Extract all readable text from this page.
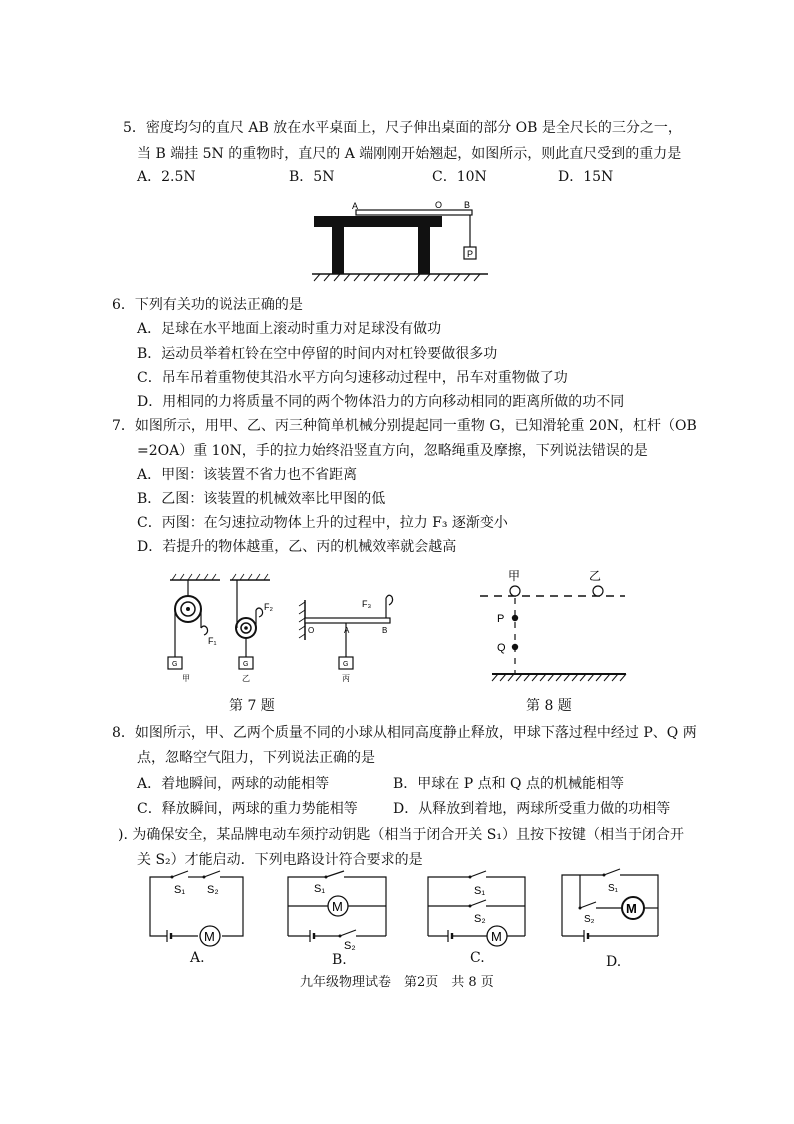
5．密度均匀的直尺 AB 放在水平桌面上，尺子伸出桌面的部分 OB 是全尺长的三分之一，
当 B 端挂 5N 的重物时，直尺的 A 端刚刚开始翘起，如图所示，则此直尺受到的重力是
A．2.5N	B．5N	C．10N	D．15N
A	O B
P
6．下列有关功的说法正确的是
A．足球在水平地面上滚动时重力对足球没有做功
B．运动员举着杠铃在空中停留的时间内对杠铃要做很多功
C．吊车吊着重物使其沿水平方向匀速移动过程中，吊车对重物做了功
D．用相同的力将质量不同的两个物体沿力的方向移动相同的距离所做的功不同
7．如图所示，用甲、乙、丙三种简单机械分别提起同一重物 G，已知滑轮重 20N，杠杆（OB
=2OA）重 10N，手的拉力始终沿竖直方向，忽略绳重及摩擦，下列说法错误的是
A．甲图：该装置不省力也不省距离
B．乙图：该装置的机械效率比甲图的低
C．丙图：在匀速拉动物体上升的过程中，拉力 F₃ 逐渐变小
D．若提升的物体越重，乙、丙的机械效率就会越高
G
F₁
甲
G
F₂
乙
G
O	A	B
F₃
丙
第 7 题
甲	乙
P
Q
第 8 题
8．如图所示，甲、乙两个质量不同的小球从相同高度静止释放，甲球下落过程中经过 P、Q 两
点，忽略空气阻力，下列说法正确的是
A．着地瞬间，两球的动能相等	B．甲球在 P 点和 Q 点的机械能相等
C．释放瞬间，两球的重力势能相等	D．从释放到着地，两球所受重力做的功相等
). 为确保安全，某品牌电动车须拧动钥匙（相当于闭合开关 S₁）且按下按键（相当于闭合开
关 S₂）才能启动．下列电路设计符合要求的是
M
S₁ S₂
A.
M
S₁
S₂
B.
M
S₁
S₂
C.
M
S₁
S₂
D.
九年级物理试卷　第2页　共 8 页
